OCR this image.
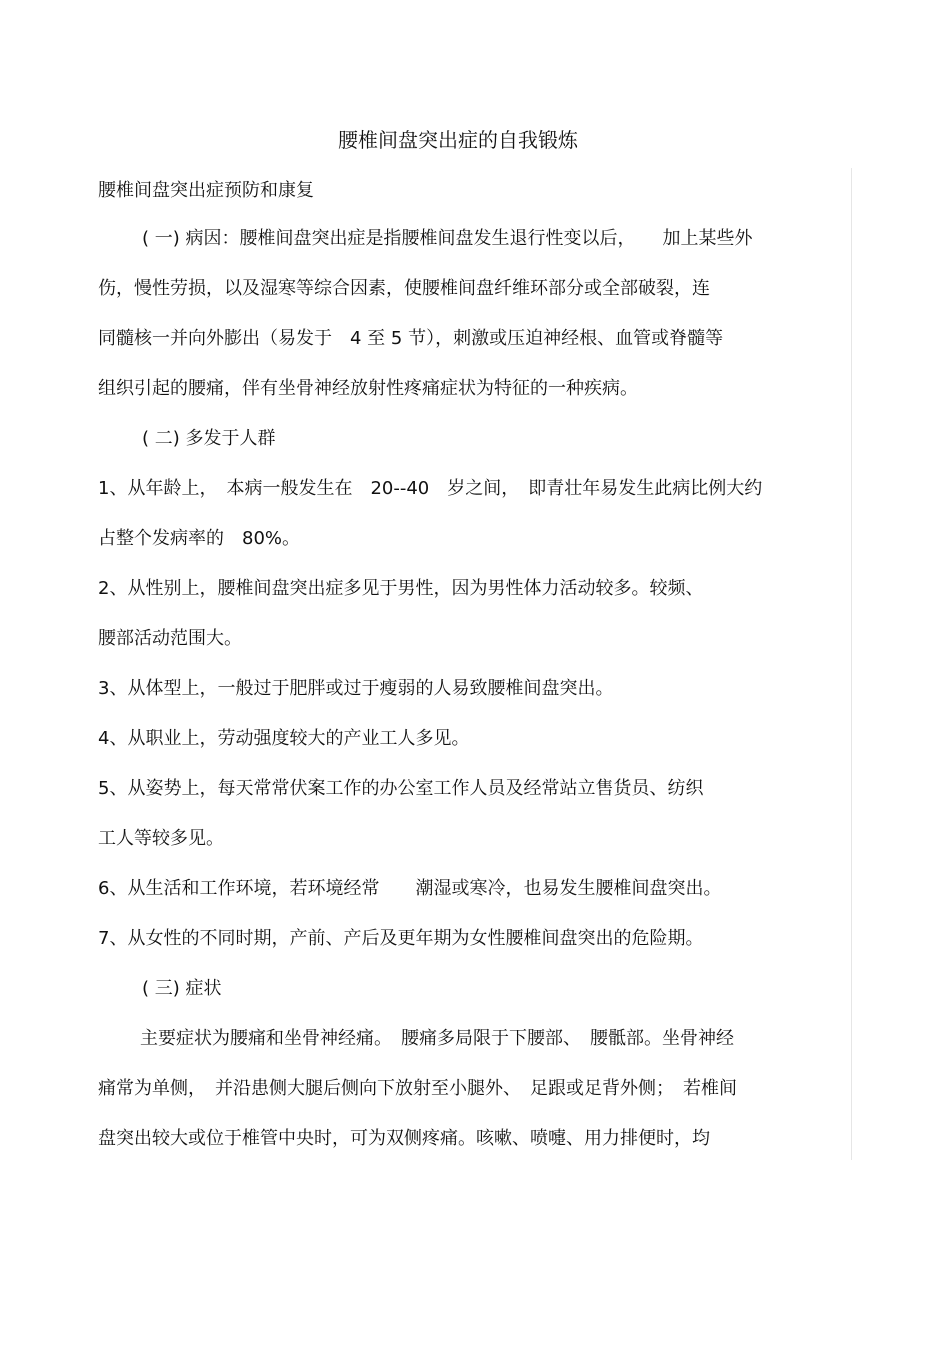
腰椎间盘突出症的自我锻炼
腰椎间盘突出症预防和康复
( 一) 病因：腰椎间盘突出症是指腰椎间盘发生退行性变以后，　　加上某些外
伤，慢性劳损，以及湿寒等综合因素，使腰椎间盘纤维环部分或全部破裂，连
同髓核一并向外膨出（易发于　4 至 5 节），刺激或压迫神经根、血管或脊髓等
组织引起的腰痛，伴有坐骨神经放射性疼痛症状为特征的一种疾病。
( 二) 多发于人群
1、从年龄上，　本病一般发生在　20--40　岁之间，　即青壮年易发生此病比例大约
占整个发病率的　80%。
2、从性别上，腰椎间盘突出症多见于男性，因为男性体力活动较多。较频、
腰部活动范围大。
3、从体型上，一般过于肥胖或过于瘦弱的人易致腰椎间盘突出。
4、从职业上，劳动强度较大的产业工人多见。
5、从姿势上，每天常常伏案工作的办公室工作人员及经常站立售货员、纺织
工人等较多见。
6、从生活和工作环境，若环境经常　　潮湿或寒冷，也易发生腰椎间盘突出。
7、从女性的不同时期，产前、产后及更年期为女性腰椎间盘突出的危险期。
( 三) 症状
主要症状为腰痛和坐骨神经痛。　腰痛多局限于下腰部、　腰骶部。坐骨神经
痛常为单侧，　并沿患侧大腿后侧向下放射至小腿外、　足跟或足背外侧；　若椎间
盘突出较大或位于椎管中央时，可为双侧疼痛。咳嗽、喷嚏、用力排便时，均
